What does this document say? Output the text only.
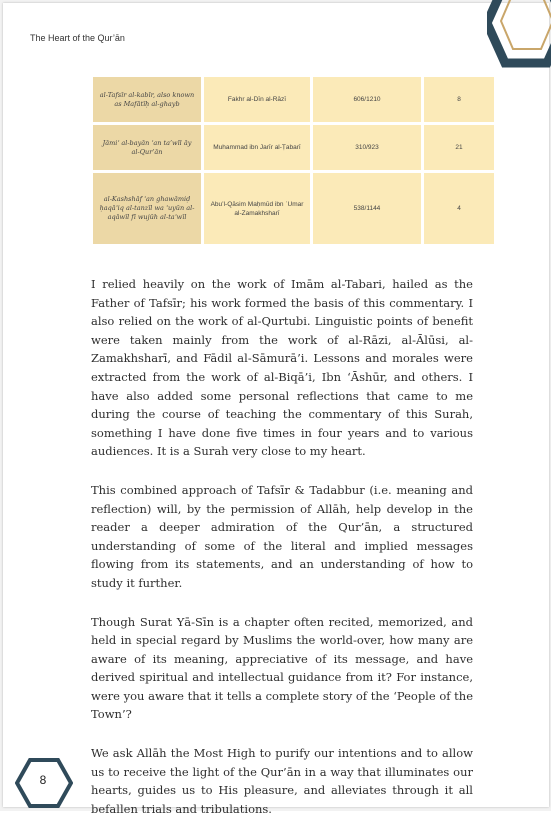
The Heart of the Qur’ān
al-Tafsīr al-kabīr, also known as Mafātīḥ al-ghayb	Fakhr al-Dīn al-Rāzī	606/1210	8
Jāmiʿ al-bayān ʿan ta’wīl āy al-Qur’ān	Muhammad ibn Jarīr al-Ṭabarī	310/923	21
al-Kashshāf ʿan ghawāmiḍ ḥaqāʾiq al-tanzīl wa ʿuyūn al-aqāwīl fī wujūh al-taʾwīl	Abu’l-Qāsim Maḥmūd ibn ʿUmar al-Zamakhsharī	538/1144	4

I relied heavily on the work of Imām al-Tabari, hailed as the Father of Tafsīr; his work formed the basis of this commentary. I also relied on the work of al-Qurtubi. Linguistic points of benefit were taken mainly from the work of al-Rāzi, al-Ālūsi, al-Zamakhsharī, and Fādil al-Sāmurā’i. Lessons and morales were extracted from the work of al-Biqā’i, Ibn ‘Āshūr, and others. I have also added some personal reflections that came to me during the course of teaching the commentary of this Surah, something I have done five times in four years and to various audiences. It is a Surah very close to my heart.

This combined approach of Tafsīr & Tadabbur (i.e. meaning and reflection) will, by the permission of Allāh, help develop in the reader a deeper admiration of the Qur’ān, a structured understanding of some of the literal and implied messages flowing from its statements, and an understanding of how to study it further.

Though Surat Yā-Sīn is a chapter often recited, memorized, and held in special regard by Muslims the world-over, how many are aware of its meaning, appreciative of its message, and have derived spiritual and intellectual guidance from it? For instance, were you aware that it tells a complete story of the ‘People of the Town’?

We ask Allāh the Most High to purify our intentions and to allow us to receive the light of the Qur’ān in a way that illuminates our hearts, guides us to His pleasure, and alleviates through it all befallen trials and tribulations.

8
